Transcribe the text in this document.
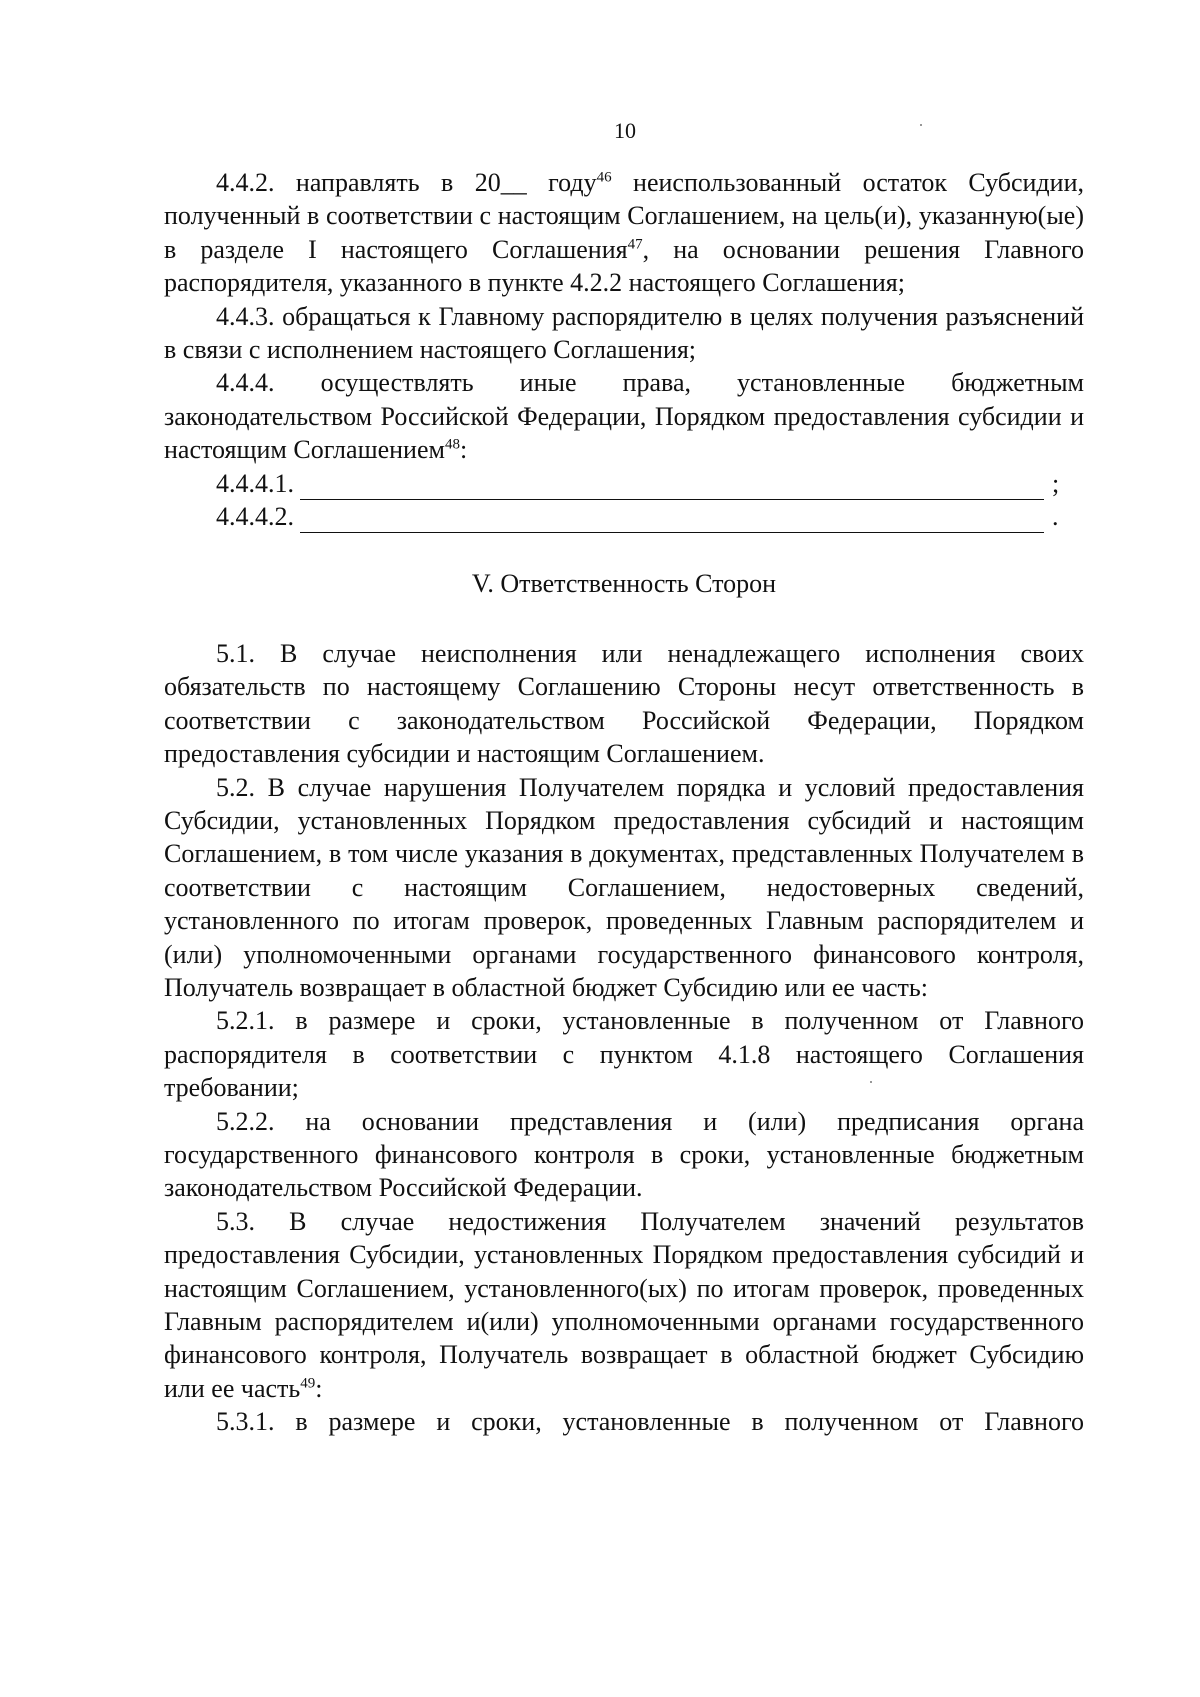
10

4.4.2. направлять в 20__ году$^{46}$ неиспользованный остаток Субсидии, полученный в соответствии с настоящим Соглашением, на цель(и), указанную(ые) в разделе I настоящего Соглашения$^{47}$, на основании решения Главного распорядителя, указанного в пункте 4.2.2 настоящего Соглашения;

4.4.3. обращаться к Главному распорядителю в целях получения разъяснений в связи с исполнением настоящего Соглашения;

4.4.4. осуществлять иные права, установленные бюджетным законодательством Российской Федерации, Порядком предоставления субсидии и настоящим Соглашением$^{48}$:

4.4.4.1.	;
4.4.4.2.	.
V. Ответственность Сторон

5.1. В случае неисполнения или ненадлежащего исполнения своих обязательств по настоящему Соглашению Стороны несут ответственность в соответствии с законодательством Российской Федерации, Порядком предоставления субсидии и настоящим Соглашением.

5.2. В случае нарушения Получателем порядка и условий предоставления Субсидии, установленных Порядком предоставления субсидий и настоящим Соглашением, в том числе указания в документах, представленных Получателем в соответствии с настоящим Соглашением, недостоверных сведений, установленного по итогам проверок, проведенных Главным распорядителем и (или) уполномоченными органами государственного финансового контроля, Получатель возвращает в областной бюджет Субсидию или ее часть:

5.2.1. в размере и сроки, установленные в полученном от Главного распорядителя в соответствии с пунктом 4.1.8 настоящего Соглашения требовании;

5.2.2. на основании представления и (или) предписания органа государственного финансового контроля в сроки, установленные бюджетным законодательством Российской Федерации.

5.3. В случае недостижения Получателем значений результатов предоставления Субсидии, установленных Порядком предоставления субсидий и настоящим Соглашением, установленного(ых) по итогам проверок, проведенных Главным распорядителем и(или) уполномоченными органами государственного финансового контроля, Получатель возвращает в областной бюджет Субсидию или ее часть$^{49}$:

5.3.1. в размере и сроки, установленные в полученном от Главного
